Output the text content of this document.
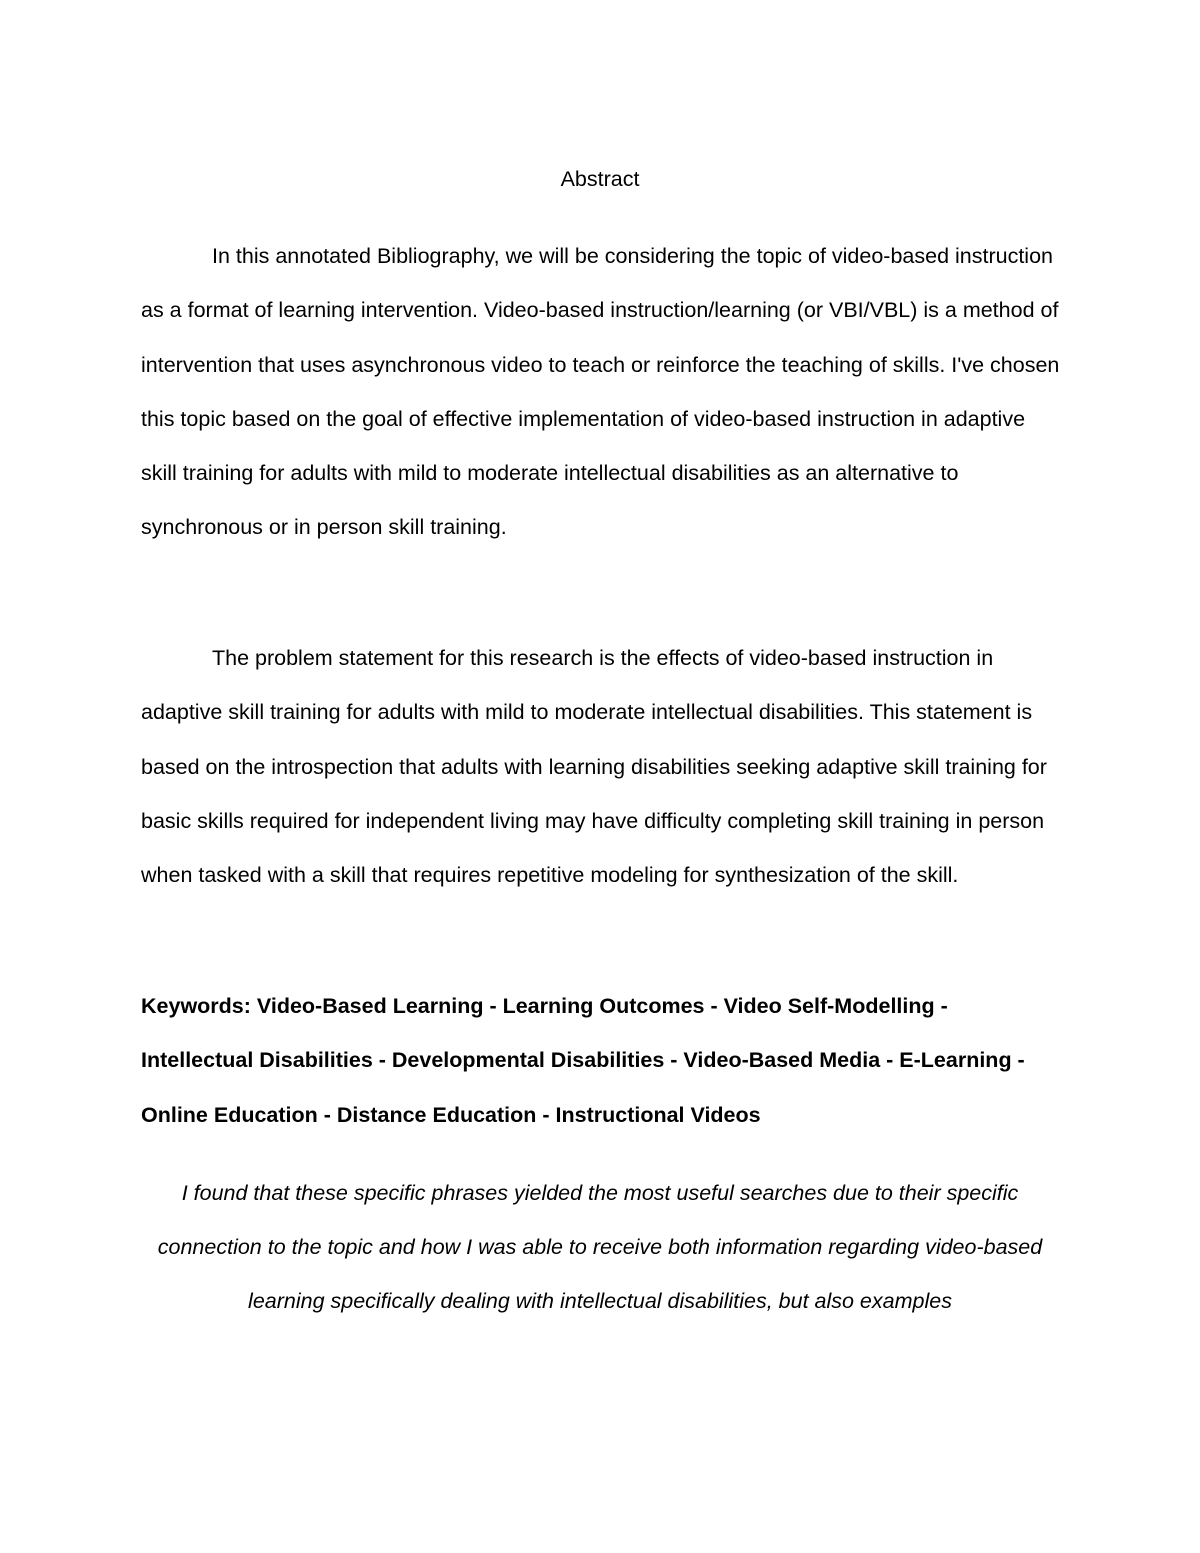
Abstract

In this annotated Bibliography, we will be considering the topic of video-based instruction as a format of learning intervention. Video-based instruction/learning (or VBI/VBL) is a method of intervention that uses asynchronous video to teach or reinforce the teaching of skills. I've chosen this topic based on the goal of effective implementation of video-based instruction in adaptive skill training for adults with mild to moderate intellectual disabilities as an alternative to synchronous or in person skill training.

The problem statement for this research is the effects of video-based instruction in adaptive skill training for adults with mild to moderate intellectual disabilities. This statement is based on the introspection that adults with learning disabilities seeking adaptive skill training for basic skills required for independent living may have difficulty completing skill training in person when tasked with a skill that requires repetitive modeling for synthesization of the skill.

Keywords: Video-Based Learning - Learning Outcomes - Video Self-Modelling - Intellectual Disabilities - Developmental Disabilities - Video-Based Media - E-Learning - Online Education - Distance Education - Instructional Videos

I found that these specific phrases yielded the most useful searches due to their specific connection to the topic and how I was able to receive both information regarding video-based learning specifically dealing with intellectual disabilities, but also examples
